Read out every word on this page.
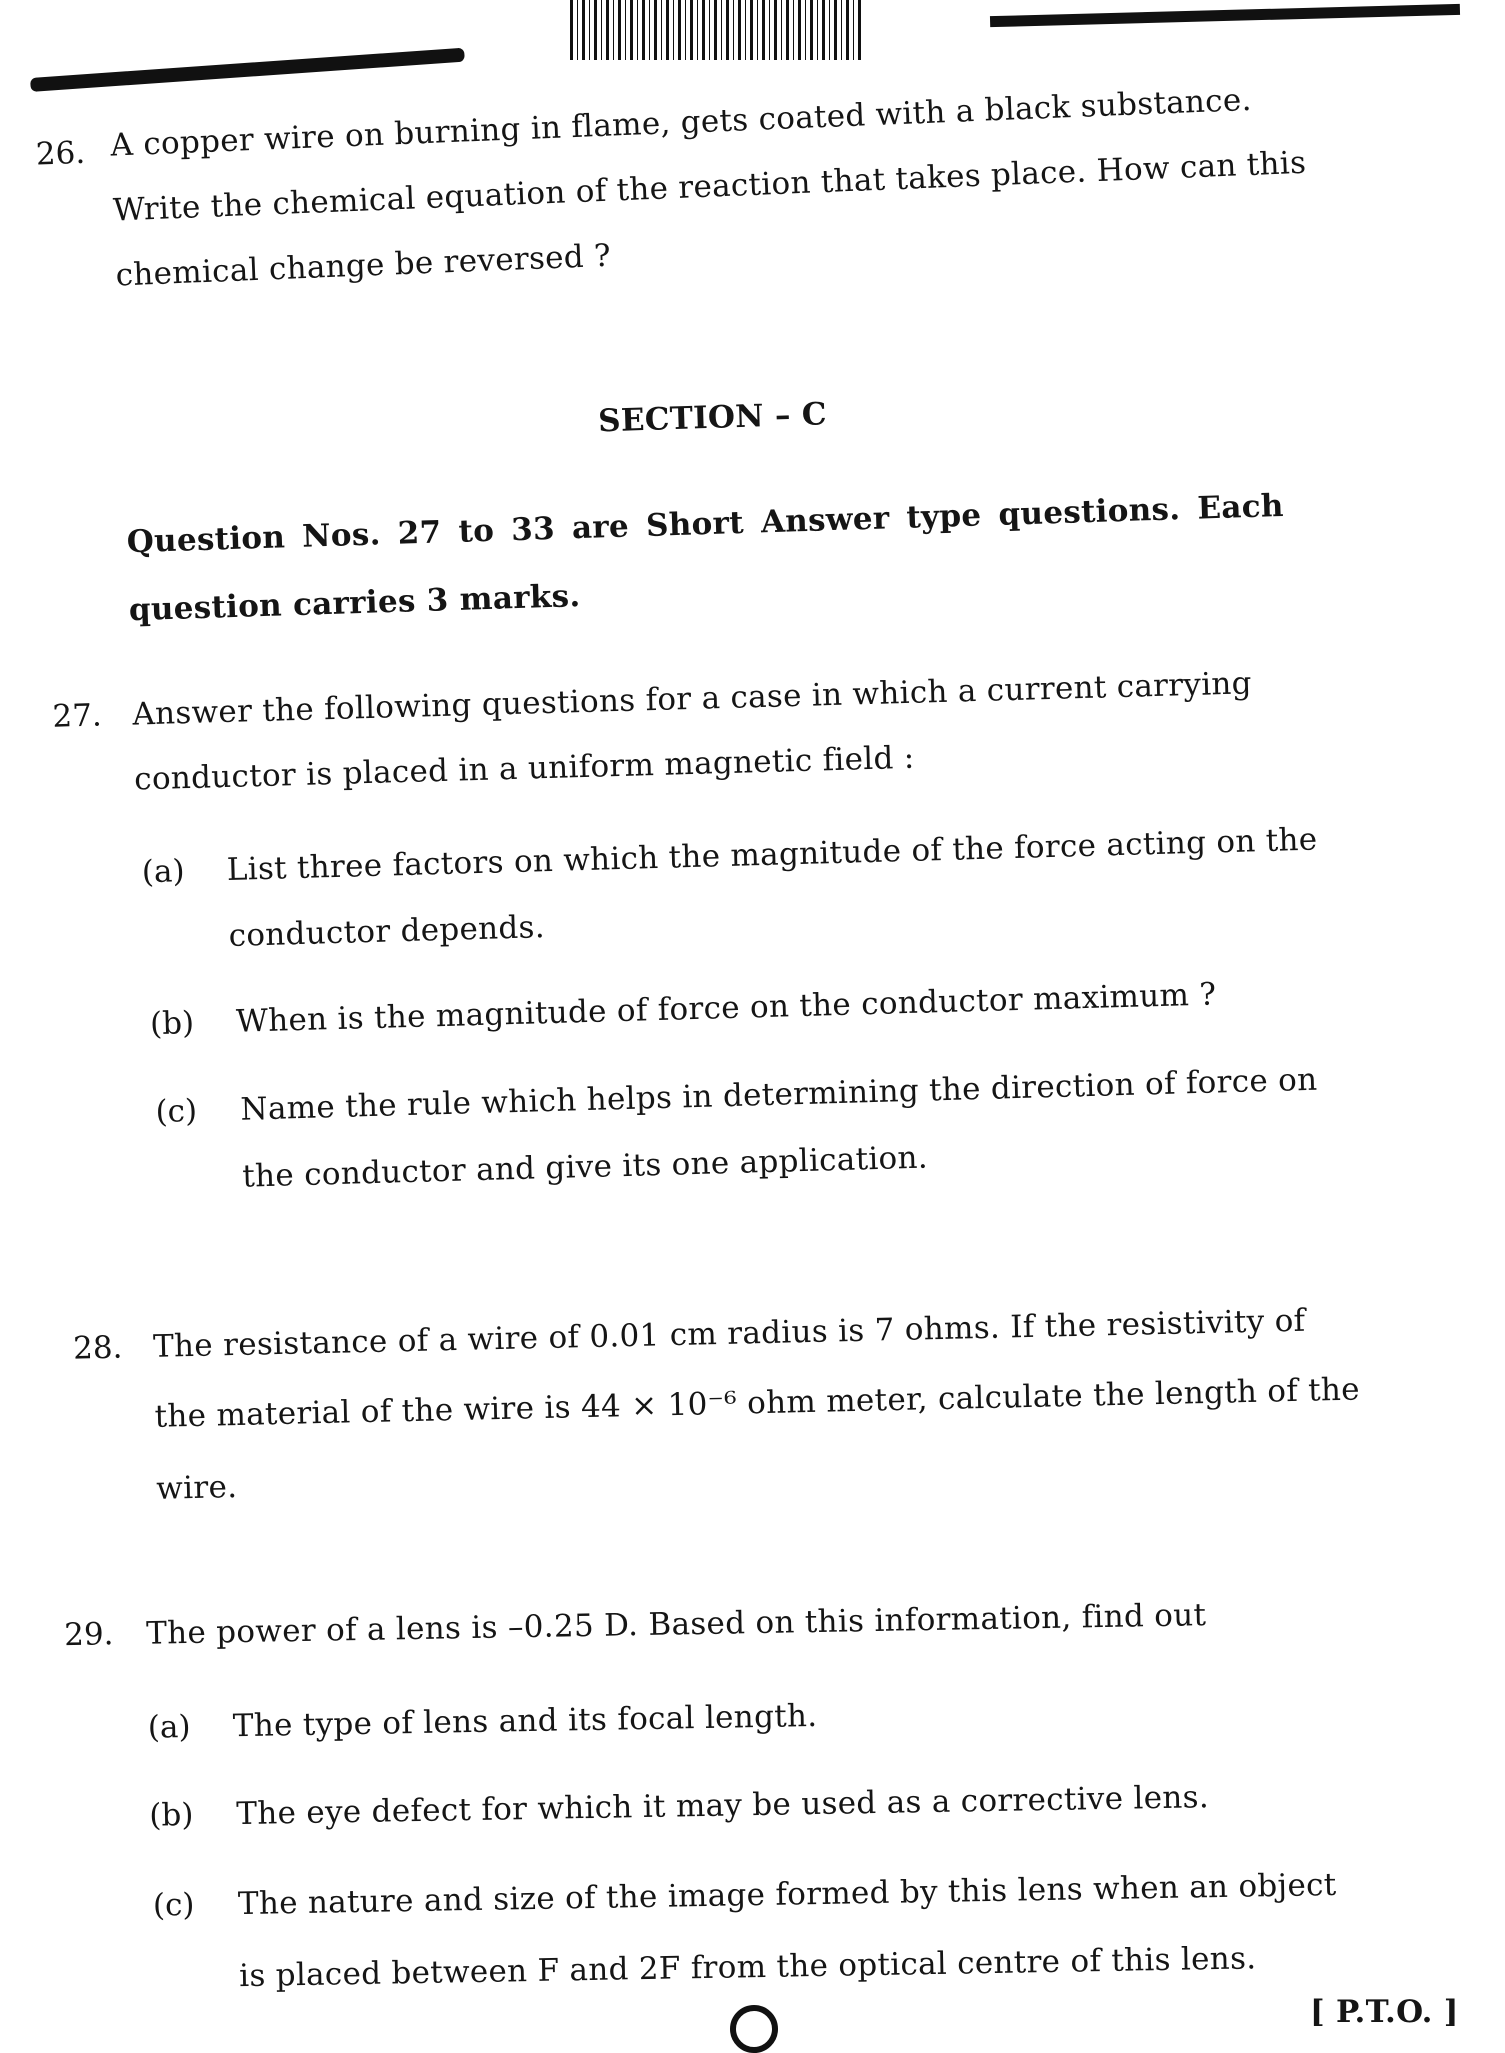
26. A copper wire on burning in flame, gets coated with a black substance.
Write the chemical equation of the reaction that takes place. How can this
chemical change be reversed ?
SECTION – C
Question Nos. 27 to 33 are Short Answer type questions. Each
question carries 3 marks.
27. Answer the following questions for a case in which a current carrying
conductor is placed in a uniform magnetic field :
(a) List three factors on which the magnitude of the force acting on the
conductor depends.
(b) When is the magnitude of force on the conductor maximum ?
(c) Name the rule which helps in determining the direction of force on
the conductor and give its one application.
28. The resistance of a wire of 0.01 cm radius is 7 ohms. If the resistivity of
the material of the wire is 44 × 10⁻⁶ ohm meter, calculate the length of the
wire.
29. The power of a lens is –0.25 D. Based on this information, find out
(a) The type of lens and its focal length.
(b) The eye defect for which it may be used as a corrective lens.
(c) The nature and size of the image formed by this lens when an object
is placed between F and 2F from the optical centre of this lens.
[ P.T.O. ]
